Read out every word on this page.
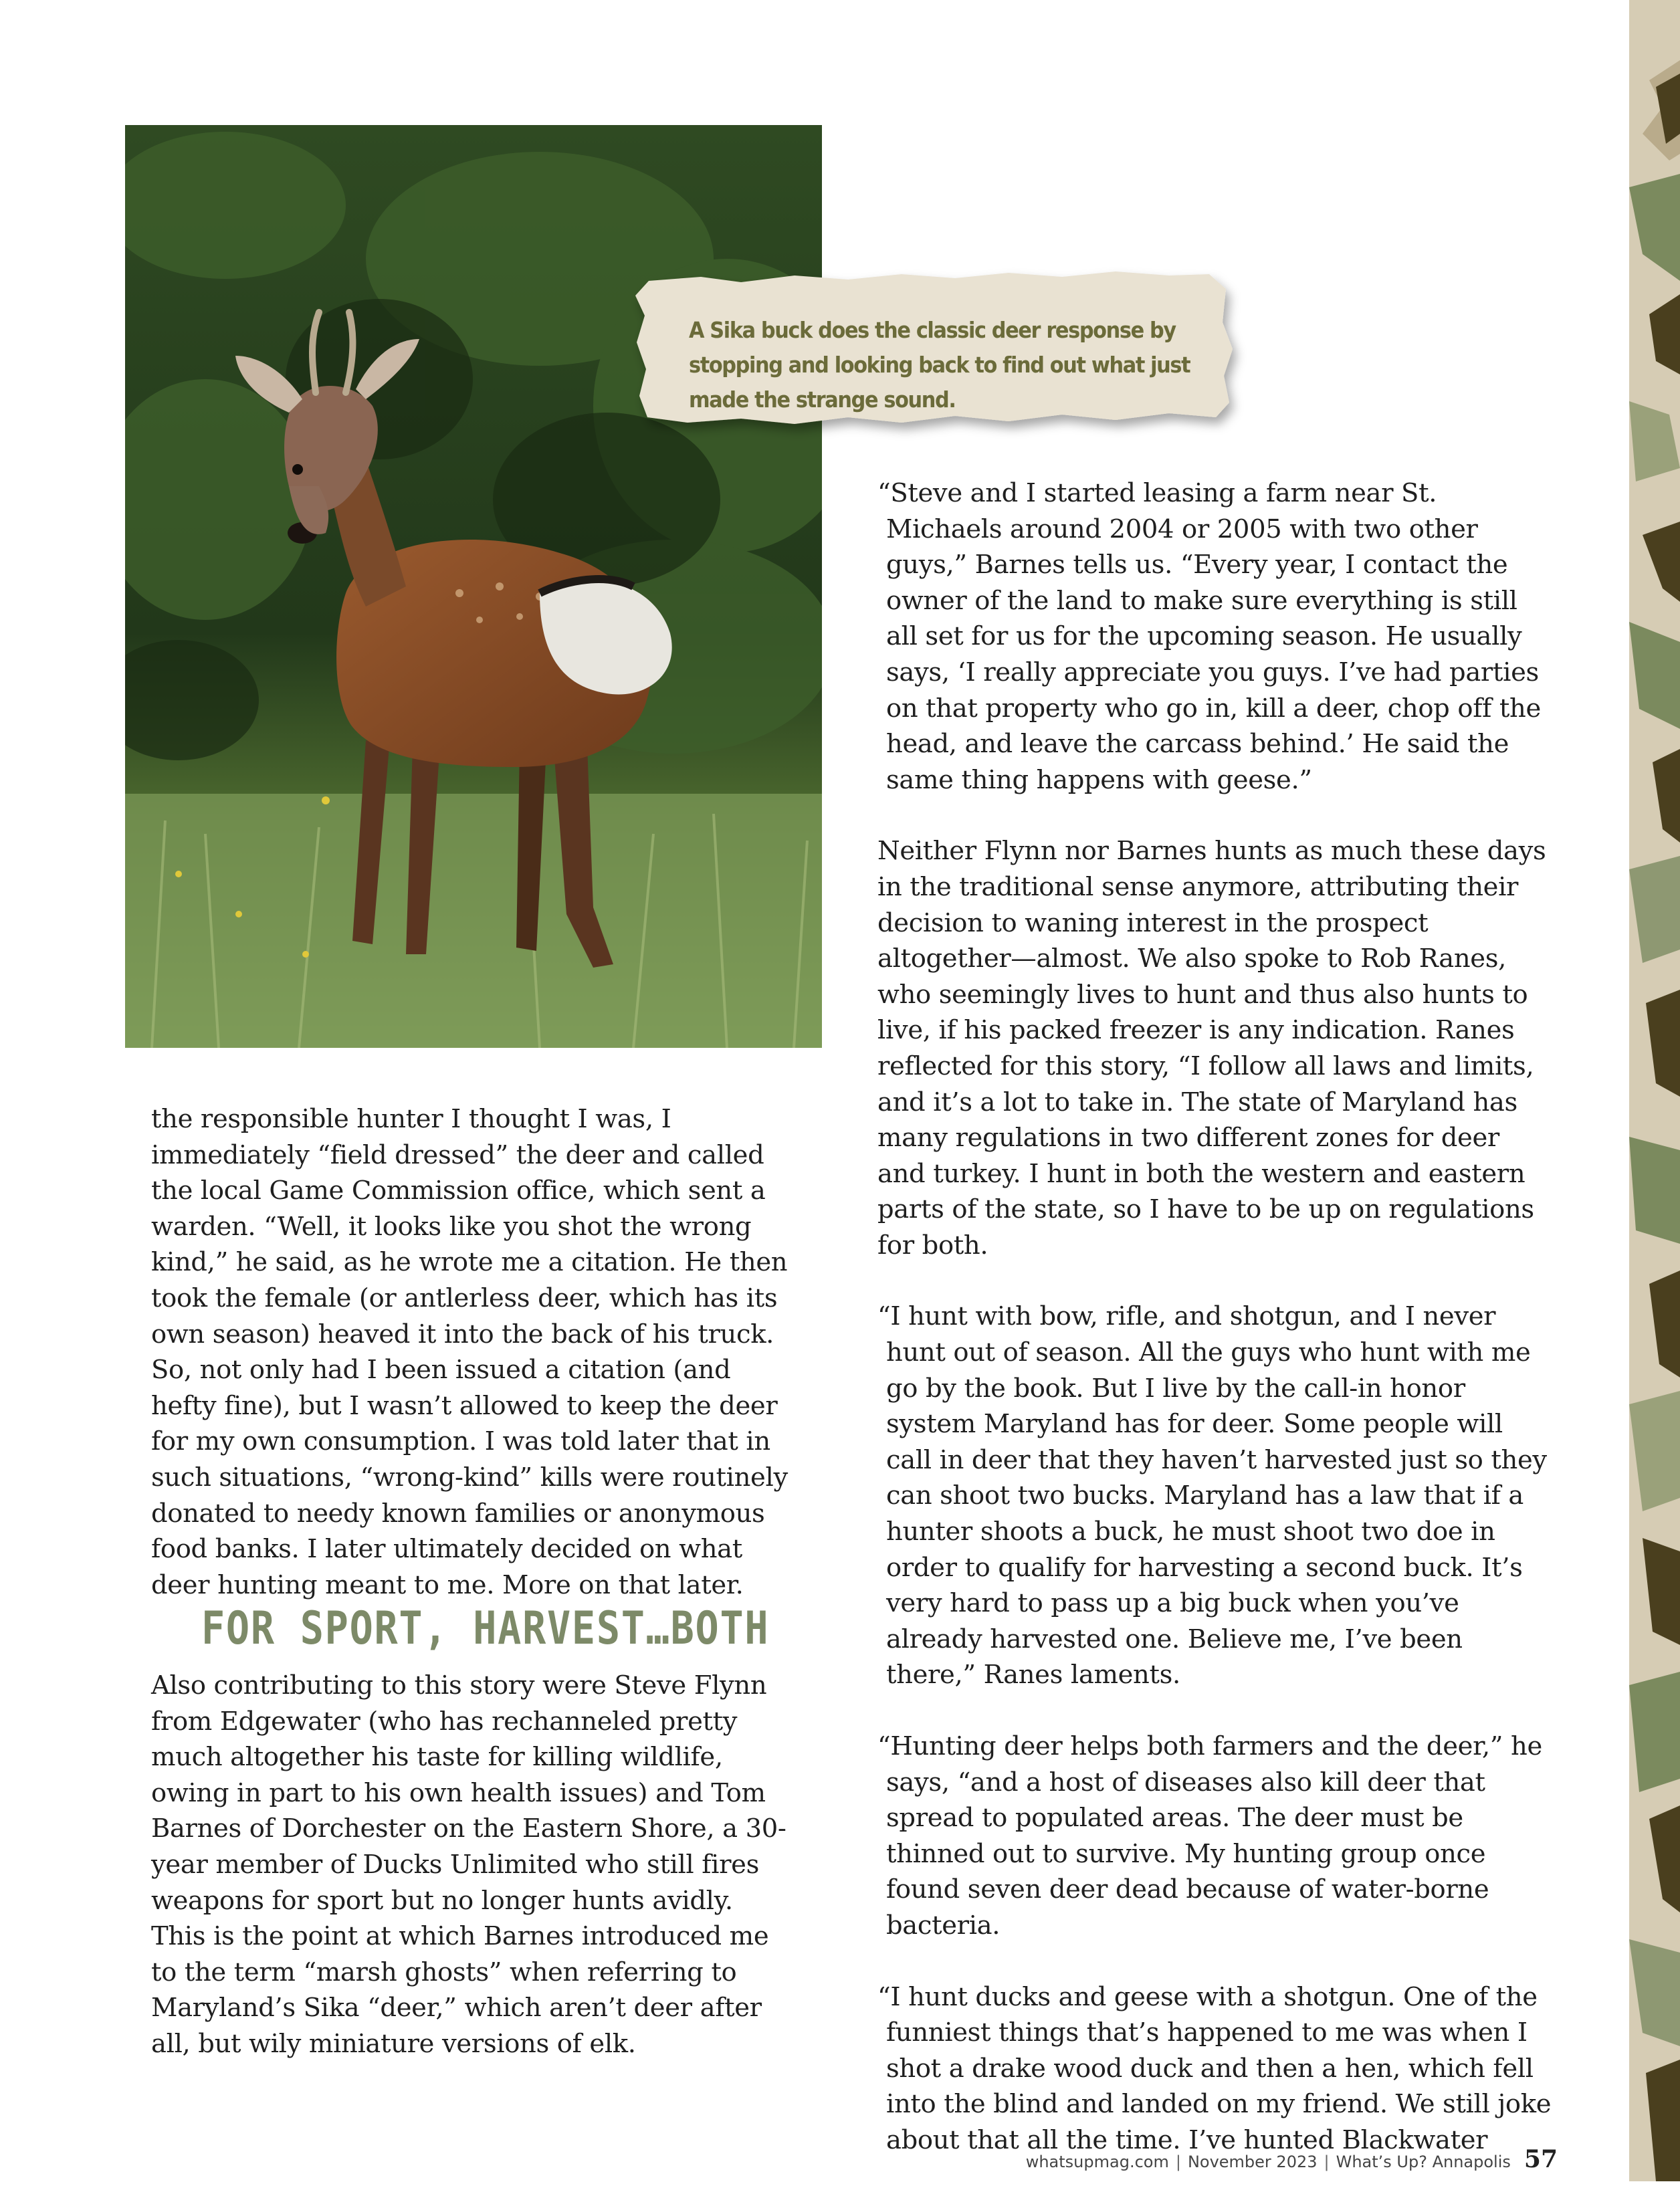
A Sika buck does the classic deer response by stopping and looking back to find out what just made the strange sound.

the responsible hunter I thought I was, I immediately “field dressed” the deer and called the local Game Commission office, which sent a warden. “Well, it looks like you shot the wrong kind,” he said, as he wrote me a citation. He then took the female (or antlerless deer, which has its own season) heaved it into the back of his truck. So, not only had I been issued a citation (and hefty fine), but I wasn’t allowed to keep the deer for my own consumption. I was told later that in such situations, “wrong-kind” kills were routinely donated to needy known families or anonymous food banks. I later ultimately decided on what deer hunting meant to me. More on that later.

FOR SPORT, HARVEST…BOTH

Also contributing to this story were Steve Flynn from Edgewater (who has rechanneled pretty much altogether his taste for killing wildlife, owing in part to his own health issues) and Tom Barnes of Dorchester on the Eastern Shore, a 30-year member of Ducks Unlimited who still fires weapons for sport but no longer hunts avidly. This is the point at which Barnes introduced me to the term “marsh ghosts” when referring to Maryland’s Sika “deer,” which aren’t deer after all, but wily miniature versions of elk.

“Steve and I started leasing a farm near St. Michaels around 2004 or 2005 with two other guys,” Barnes tells us. “Every year, I contact the owner of the land to make sure everything is still all set for us for the upcoming season. He usually says, ‘I really appreciate you guys. I’ve had parties on that property who go in, kill a deer, chop off the head, and leave the carcass behind.’ He said the same thing happens with geese.”

Neither Flynn nor Barnes hunts as much these days in the traditional sense anymore, attributing their decision to waning interest in the prospect altogether—almost. We also spoke to Rob Ranes, who seemingly lives to hunt and thus also hunts to live, if his packed freezer is any indication. Ranes reflected for this story, “I follow all laws and limits, and it’s a lot to take in. The state of Maryland has many regulations in two different zones for deer and turkey. I hunt in both the western and eastern parts of the state, so I have to be up on regulations for both.

“I hunt with bow, rifle, and shotgun, and I never hunt out of season. All the guys who hunt with me go by the book. But I live by the call-in honor system Maryland has for deer. Some people will call in deer that they haven’t harvested just so they can shoot two bucks. Maryland has a law that if a hunter shoots a buck, he must shoot two doe in order to qualify for harvesting a second buck. It’s very hard to pass up a big buck when you’ve already harvested one. Believe me, I’ve been there,” Ranes laments.

“Hunting deer helps both farmers and the deer,” he says, “and a host of diseases also kill deer that spread to populated areas. The deer must be thinned out to survive. My hunting group once found seven deer dead because of water-borne bacteria.

“I hunt ducks and geese with a shotgun. One of the funniest things that’s happened to me was when I shot a drake wood duck and then a hen, which fell into the blind and landed on my friend. We still joke about that all the time. I’ve hunted Blackwater

whatsupmag.com | November 2023 | What’s Up? Annapolis 57
